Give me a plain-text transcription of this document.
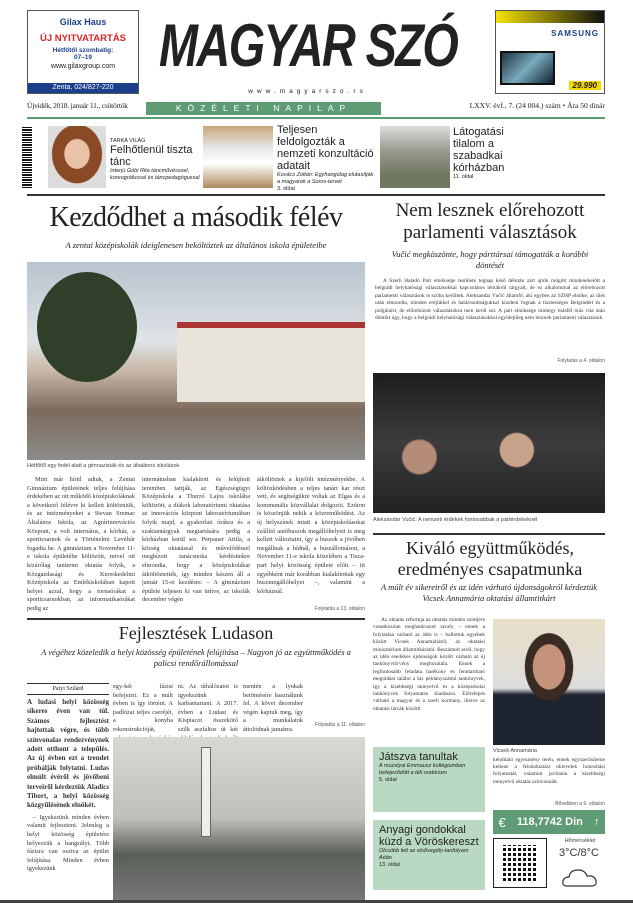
Gilax Haus
ÚJ NYITVATARTÁS
Hétfőtől szombatig:
07–19
www.gilaxgroup.com
Zenta, 024/827-220
MAGYAR SZÓ
www.magyarszo.rs
SAMSUNG
29.990
Újvidék, 2018. január 11., csütörtök	KÖZÉLETI NAPILAP	LXXV. évf., 7. (24 004.) szám • Ára 50 dinár
TARKA VILÁG
Felhőtlenül tiszta tánc
Interjú Góbi Rita táncművésszel, koreográfussal és táncpedagógussal
Teljesen feldolgozták a nemzeti konzultáció adatait
Kovács Zoltán: Egyhangúlag elutasítják a magyarok a Soros-tervet
3. oldal
Látogatási tilalom a szabadkai kórházban
11. oldal
Kezdődhet a második félév
A zentai középiskolák ideiglenesen beköltöztek az általános iskola épületeibe
Hétfőtől egy fedél alatt a gimnazisták és az általános iskolások
Mint már hírül adtuk, a Zentai Gimnázium épületének teljes felújítása érdekében az ott működő középiskoláknak a következő félévre ki kellett költözniük, és az intézményeket a Stevan Sremac Általános Iskola, az Agrárinnovációs Központ, a volt internátus, a kórház, a sporticsarnok és a Történelmi Levéltár fogadta be. A gimnázium a November 11-e iskola épületébe költözött, mivel ott kizárólag tantermi oktatás folyik, a Közgazdasági és Kereskedelmi Középiskola az Emlékiskolában kapott helyet azzal, hogy a tornaórákat a sporticsarnokban, az informatikaórákat pedig az
internátusban kialakított és felújított teremben tartják, az Egészségügyi Középiskola a Thurzó Lajos iskolába költözött, a diákok laboratóriumi oktatása az innovációs központ laboratóriumában folyik majd, a gyakorlati órákra és a szaktantárgyak megtartására pedig a kórházban kerül sor. Perpauer Attila, a község oktatással és művelődéssel megbízott tanácsnoka kérdésünkre elmondta, hogy a középiskolákat átköltöztették, így minden készen áll a január 15-ei kezdésre. – A gimnázium épülete teljesen ki van ürítve, az iskolák december végén
átköltöztek a kijelölt intézményekbe. A költözködésben a teljes tanári kar részt vett, és segítségükre voltak az Elgas és a kommunális közvállalat dolgozói. Ezúton is köszönjük nekik a közreműködést. Az új helyszínek miatt a középiskolásokat szállító autóbuszok megállóhelyeit is meg kellett változtatni, így a buszok a jövőben megállnak a hídnál, a buszállomáson, a November 11-e iskola közelében a Tisza-part helyi közösség épülete előtt – itt egyébként már korábban kialakítottak egy buszmegállóhelyet –, valamint a kórháznál.
Folytatás a 13. oldalon
Fejlesztések Ludason
A végéhez közeledik a helyi közösség épületének felújítása – Nagyon jó az együttműködés a palicsi rendőrállomással
Patyi Szilárd
A ludasi helyi közösség sikeres éven van túl. Számos fejlesztést hajtottak végre, és több színvonalas rendezvénynek adott otthont a település. Az új évben ezt a trendet próbálják folytatni. Ludas elmúlt évéről és jövőbeni terveiről kérdeztük Aladics Tibort, a helyi közösség közgyűlésének elnökét.
– Igyekszünk minden évben valamit fejleszteni. Jelenleg a helyi közösség épületére helyezzük a hangsúlyt. Több fázisra van osztva az épület felújítása. Minden évben igyekszünk
egy-két fázist befejezni. Ez a múlt évben is így történt. A padlózat teljes cseréjét, a konyha rekonstrukcióját,
ni. Az úthálózatot is igyekszünk karbantartani. A 2017. évben a Ludast és Kispiacot összekötő szilk aszfaltos út két
mentén a lyukak betömésére használunk fel. A követ december végén kaptuk meg, így a munkálatok áttolódnak januárra.
Folytatás a 11. oldalon
Nem lesznek előrehozott parlamenti választások
Vučić megköszönte, hogy párttársai támogatták a korábbi döntését
A Szerb Haladó Párt elnöksége testülete tegnap késő délután zárt ajtók mögött mindenekelőtt a belgrádi helyhatósági választásokkal kapcsolatos témákról tárgyalt, de ez alkalommal az előrehozott parlamenti választások is szóba kerültek. Aleksandar Vučić államfő, aki egyben az SZHP elnöke, az ülés után elmondta, minden erejükkel és határozottságukkal küzdeni fognak a tisztességes Belgrádért és a polgárairt, de előrehozott választásokra nem kerül sor. A párt elnöksége mintegy másfél órás vita után döntött úgy, hogy a belgrádi helyhatósági választásokkal egyidejűleg nem lesznek parlamenti választások.
Folytatás a 4. oldalon
Aleksandar Vučić: A nemzeti érdekek fontosabbak a pártérdekeknél
Kiváló együttműködés, eredményes csapatmunka
A múlt év sikereiről és az idén várható újdonságokról kérdeztük Vicsek Annamária oktatási államtitkárt
Az oktatás reformja az oktatás minden szintjére vonatkozóan meghatározott tavaly – ennek a folytatása várható az idén is – hallottuk egyebek között Vicsek Annamáriától, az oktatási minisztérium államtitkárától. Beszámolt arról, hogy az idén esedékes újdonságok között várható az új tankönyvtörvény meghozatala. Ennek a legfontosabb feladata hatékony és fenntartható megoldást találni a kis példányszámú tankönyvek, így a kisebbségi tannyelvű és a középiskolai tankönyvek folyamatos kiadására. Előrelépés várható a magyar és a szerb kormány, illetve az oktatási tárcák közötti
Vicsek Annamária
kétoldalú egyezmény terén, ennek egyszerűsítenie kellene a felsőoktatási oklevelek honosítási folyamatát, valamint javítania a kisebbségi tannyelvű oktatás színvonalát.
Bővebben a 9. oldalon
Játszva tanultak
A muzslyai Emmausz kollégiumban befejeződött a téli oratórium
5. oldal
Anyagi gondokkal küzd a Vöröskereszt
Olcsóbb lett az elsősegély-tanfolyam Adán
13. oldal
€ 118,7742 Din ↑
Hőmérséklet
3°C/8°C
